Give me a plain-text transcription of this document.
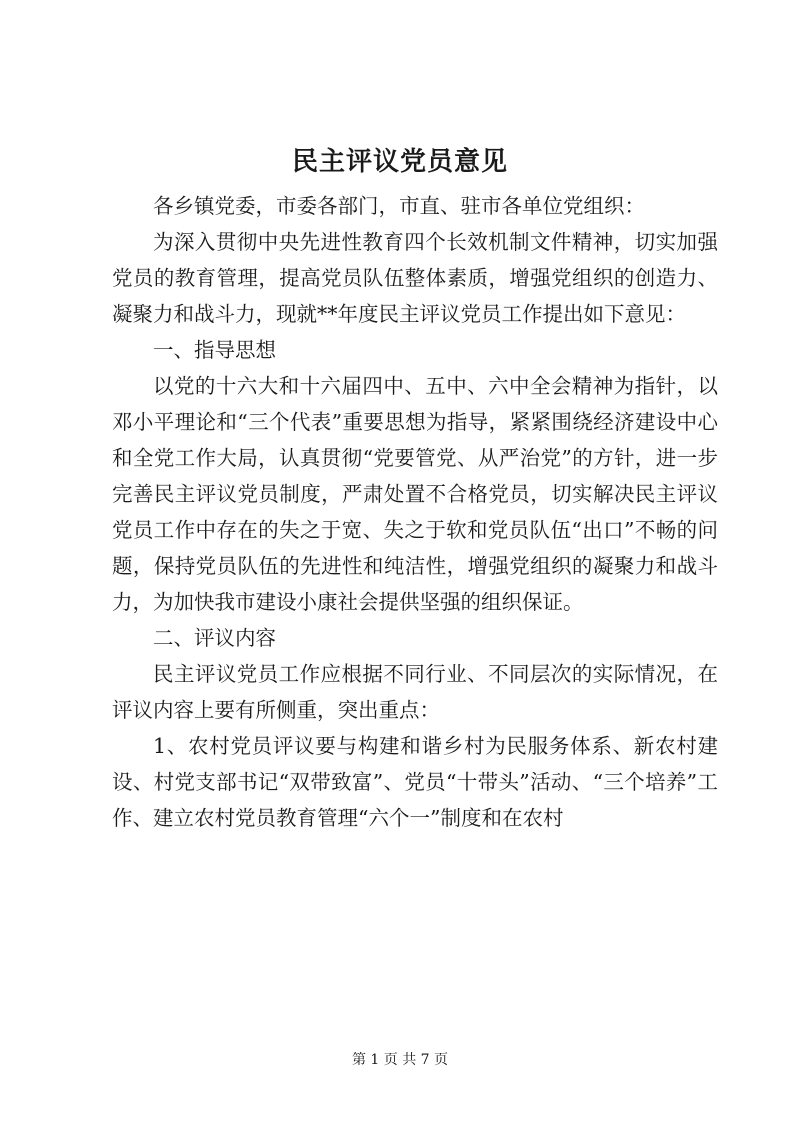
民主评议党员意见

各乡镇党委，市委各部门，市直、驻市各单位党组织：

为深入贯彻中央先进性教育四个长效机制文件精神，切实加强党员的教育管理，提高党员队伍整体素质，增强党组织的创造力、凝聚力和战斗力，现就**年度民主评议党员工作提出如下意见：

一、指导思想

以党的十六大和十六届四中、五中、六中全会精神为指针，以邓小平理论和“三个代表”重要思想为指导，紧紧围绕经济建设中心和全党工作大局，认真贯彻“党要管党、从严治党”的方针，进一步完善民主评议党员制度，严肃处置不合格党员，切实解决民主评议党员工作中存在的失之于宽、失之于软和党员队伍“出口”不畅的问题，保持党员队伍的先进性和纯洁性，增强党组织的凝聚力和战斗力，为加快我市建设小康社会提供坚强的组织保证。

二、评议内容

民主评议党员工作应根据不同行业、不同层次的实际情况，在评议内容上要有所侧重，突出重点：

1、农村党员评议要与构建和谐乡村为民服务体系、新农村建设、村党支部书记“双带致富”、党员“十带头”活动、“三个培养”工作、建立农村党员教育管理“六个一”制度和在农村

第 1 页 共 7 页
